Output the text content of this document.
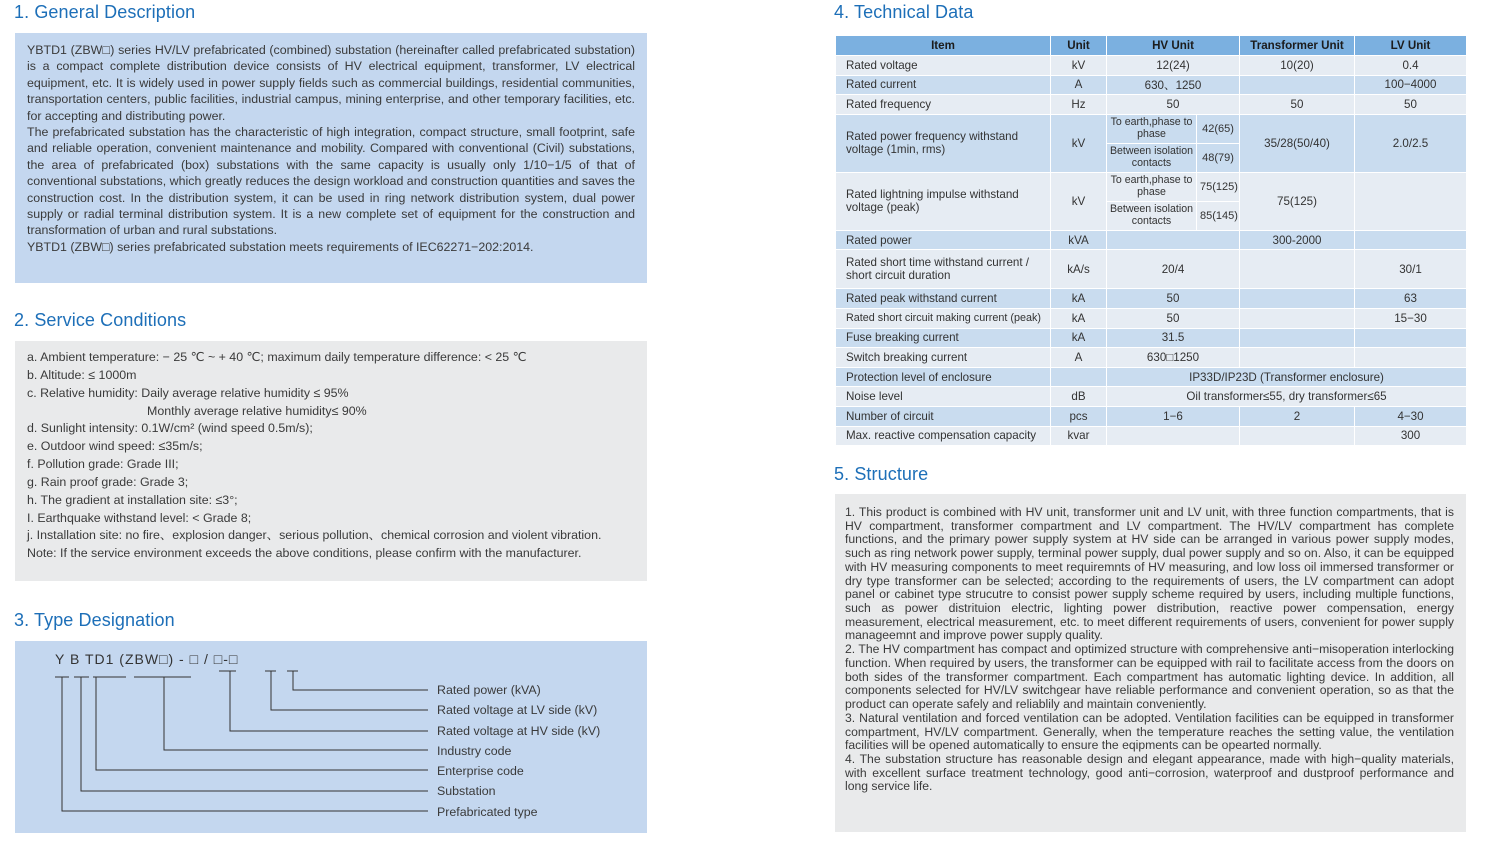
1. General Description

YBTD1 (ZBW□) series HV/LV prefabricated (combined) substation (hereinafter called prefabricated substation) is a compact complete distribution device consists of HV electrical equipment, transformer, LV electrical equipment, etc. It is widely used in power supply fields such as commercial buildings, residential communities, transportation centers, public facilities, industrial campus, mining enterprise, and other temporary facilities, etc. for accepting and distributing power.

The prefabricated substation has the characteristic of high integration, compact structure, small footprint, safe and reliable operation, convenient maintenance and mobility. Compared with conventional (Civil) substations, the area of prefabricated (box) substations with the same capacity is usually only 1/10−1/5 of that of conventional substations, which greatly reduces the design workload and construction quantities and saves the construction cost. In the distribution system, it can be used in ring network distribution system, dual power supply or radial terminal distribution system. It is a new complete set of equipment for the construction and transformation of urban and rural substations.

YBTD1 (ZBW□) series prefabricated substation meets requirements of IEC62271−202:2014.

2. Service Conditions
a. Ambient temperature: − 25 ℃ ~ + 40 ℃; maximum daily temperature difference: < 25 ℃
b. Altitude: ≤ 1000m
c. Relative humidity: Daily average relative humidity ≤ 95%
Monthly average relative humidity≤ 90%
d. Sunlight intensity: 0.1W/cm² (wind speed 0.5m/s);
e. Outdoor wind speed: ≤35m/s;
f. Pollution grade: Grade III;
g. Rain proof grade: Grade 3;
h. The gradient at installation site: ≤3°;
I. Earthquake withstand level: < Grade 8;
j. Installation site: no fire、explosion danger、serious pollution、chemical corrosion and violent vibration.
Note: If the service environment exceeds the above conditions, please confirm with the manufacturer.
3. Type Designation
Y B TD1 (ZBW□) - □ / □-□
Rated power (kVA)
Rated voltage at LV side (kV)
Rated voltage at HV side (kV)
Industry code
Enterprise code
Substation
Prefabricated type
4. Technical Data
Item	Unit	HV Unit		Transformer Unit	LV Unit
Rated voltage	kV	12(24)		10(20)	0.4
Rated current	A	630、1250			100−4000
Rated frequency	Hz	50		50	50
Rated power frequency withstand voltage (1min, rms)	kV	To earth,phase to phase	42(65)	35/28(50/40)	2.0/2.5
		Between isolation contacts	48(79)		
Rated lightning impulse withstand voltage (peak)	kV	To earth,phase to phase	75(125)	75(125)	
		Between isolation contacts	85(145)		
Rated power	kVA			300-2000	
Rated short time withstand current / short circuit duration	kA/s	20/4			30/1
Rated peak withstand current	kA	50			63
Rated short circuit making current (peak)	kA	50			15−30
Fuse breaking current	kA	31.5			
Switch breaking current	A	630□1250			
Protection level of enclosure		IP33D/IP23D (Transformer enclosure)			
Noise level	dB	Oil transformer≤55, dry transformer≤65			
Number of circuit	pcs	1−6		2	4−30
Max. reactive compensation capacity	kvar				300
5. Structure

1. This product is combined with HV unit, transformer unit and LV unit, with three function compartments, that is HV compartment, transformer compartment and LV compartment. The HV/LV compartment has complete functions, and the primary power supply system at HV side can be arranged in various power supply modes, such as ring network power supply, terminal power supply, dual power supply and so on. Also, it can be equipped with HV measuring components to meet requiremnts of HV measuring, and low loss oil immersed transformer or dry type transformer can be selected; according to the requirements of users, the LV compartment can adopt panel or cabinet type strucutre to consist power supply scheme required by users, including multiple functions, such as power distrituion electric, lighting power distribution, reactive power compensation, energy measurement, electrical measurement, etc. to meet different requirements of users, convenient for power supply manageemnt and improve power supply quality.

2. The HV compartment has compact and optimized structure with comprehensive anti−misoperation interlocking function. When required by users, the transformer can be equipped with rail to facilitate access from the doors on both sides of the transformer compartment. Each compartment has automatic lighting device. In addition, all components selected for HV/LV switchgear have reliable performance and convenient operation, so as that the product can operate safely and reliablily and maintain conveniently.

3. Natural ventilation and forced ventilation can be adopted. Ventilation facilities can be equipped in transformer compartment, HV/LV compartment. Generally, when the temperature reaches the setting value, the ventilation facilities will be opened automatically to ensure the eqipments can be opearted normally.

4. The substation structure has reasonable design and elegant appearance, made with high−quality materials, with excellent surface treatment technology, good anti−corrosion, waterproof and dustproof performance and long service life.
